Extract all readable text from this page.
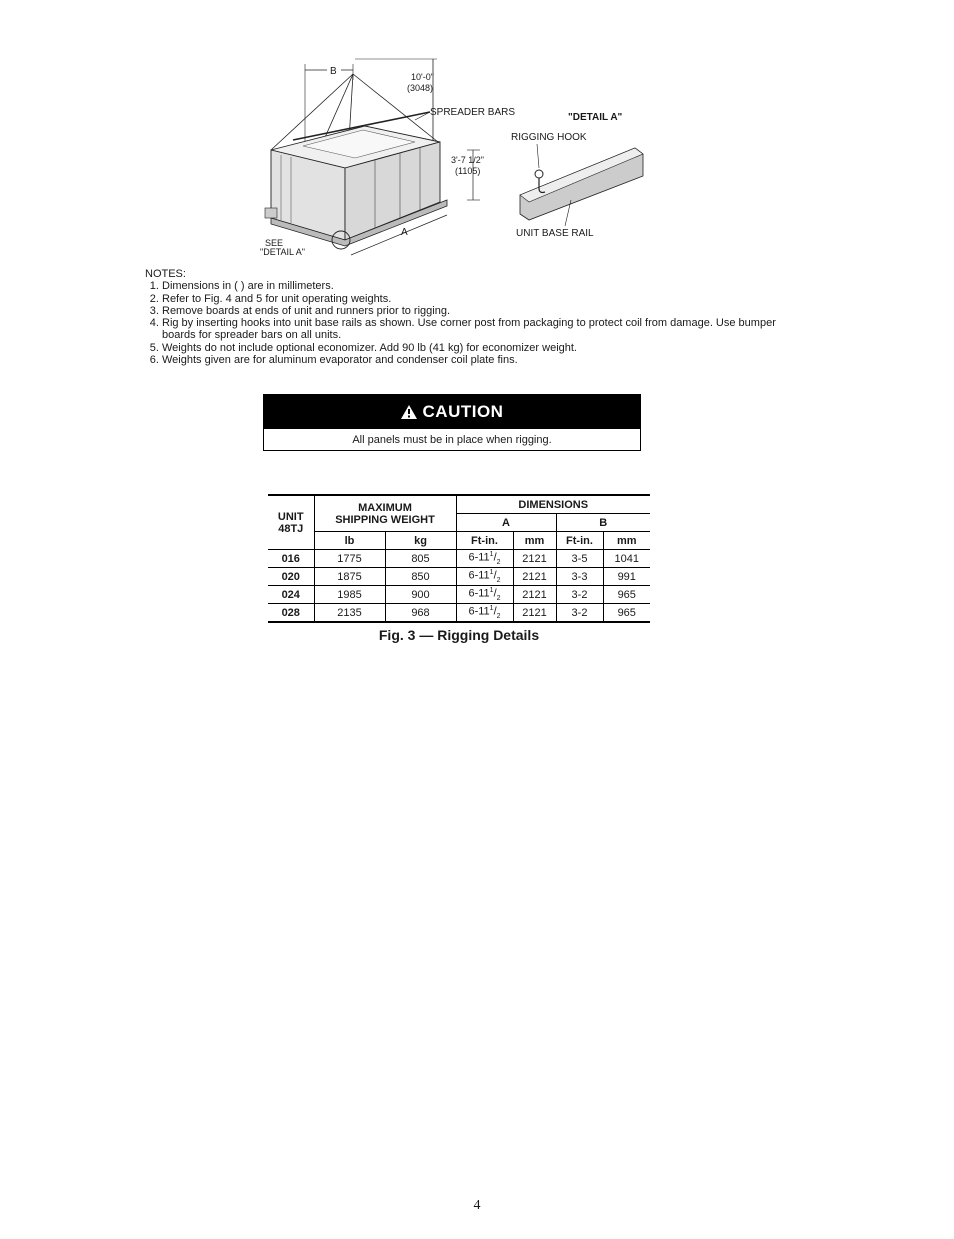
B	10'-0"
(3048)
A
3'-7 1/2"
(1105)
SPREADER BARS	"DETAIL A"
RIGGING HOOK
UNIT BASE RAIL
SEE
"DETAIL A"
NOTES:
1. Dimensions in ( ) are in millimeters.
2. Refer to Fig. 4 and 5 for unit operating weights.
3. Remove boards at ends of unit and runners prior to rigging.
4. Rig by inserting hooks into unit base rails as shown. Use corner post from packaging to protect coil from damage. Use bumper boards for spreader bars on all units.
5. Weights do not include optional economizer. Add 90 lb (41 kg) for economizer weight.
6. Weights given are for aluminum evaporator and condenser coil plate fins.
CAUTION
All panels must be in place when rigging.
UNIT
48TJ	MAXIMUM
SHIPPING WEIGHT		DIMENSIONS			
			A		B	
	lb	kg	Ft-in.	mm	Ft-in.	mm
016	1775	805	$6-11^1/_2$	2121	3-5	1041
020	1875	850	$6-11^1/_2$	2121	3-3	991
024	1985	900	$6-11^1/_2$	2121	3-2	965
028	2135	968	$6-11^1/_2$	2121	3-2	965
Fig. 3 — Rigging Details
4
